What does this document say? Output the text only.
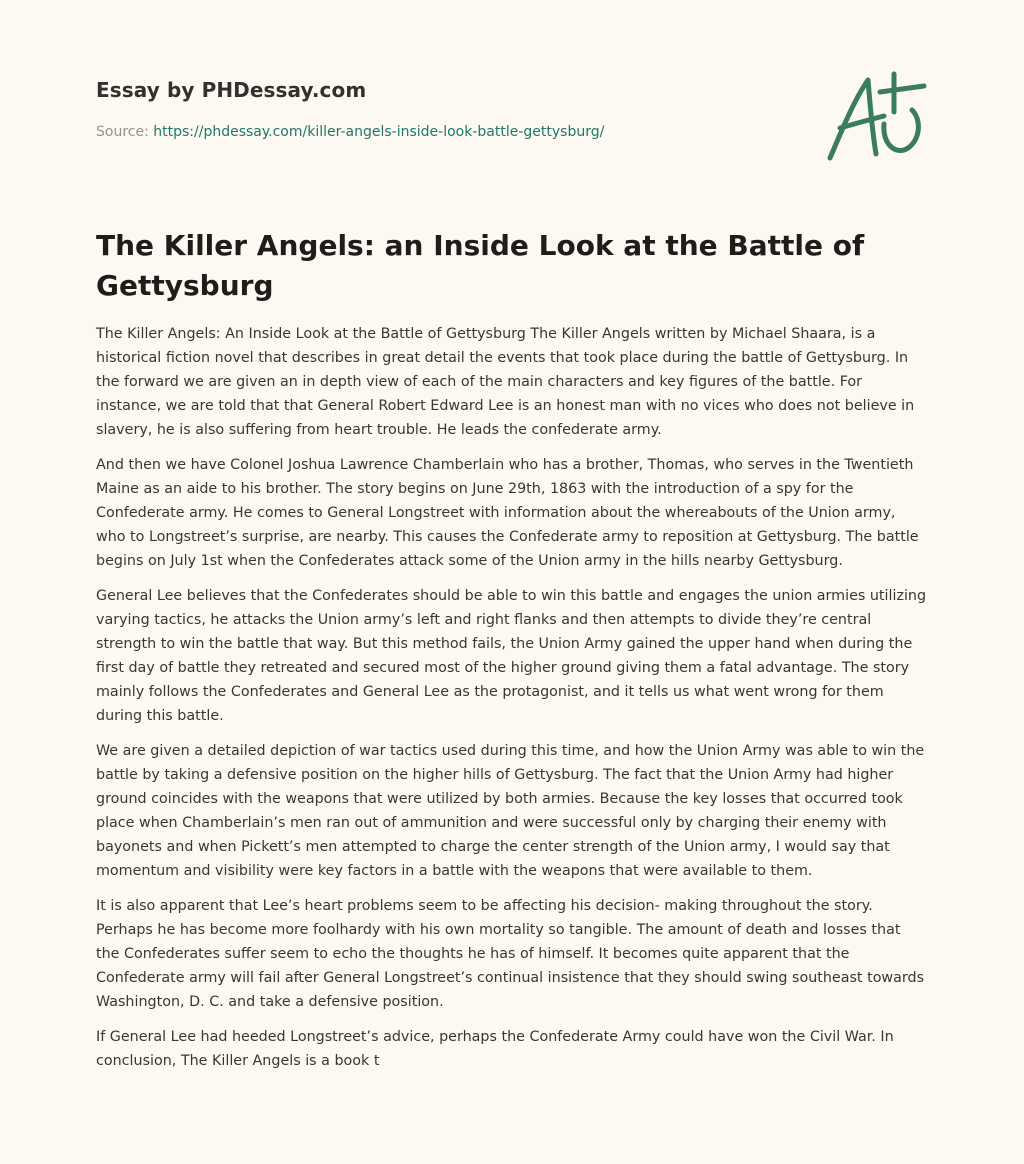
Essay by PHDessay.com
Source: https://phdessay.com/killer-angels-inside-look-battle-gettysburg/
The Killer Angels: an Inside Look at the Battle of Gettysburg

The Killer Angels: An Inside Look at the Battle of Gettysburg The Killer Angels written by Michael Shaara, is a historical fiction novel that describes in great detail the events that took place during the battle of Gettysburg. In the forward we are given an in depth view of each of the main characters and key figures of the battle. For instance, we are told that that General Robert Edward Lee is an honest man with no vices who does not believe in slavery, he is also suffering from heart trouble. He leads the confederate army.

And then we have Colonel Joshua Lawrence Chamberlain who has a brother, Thomas, who serves in the Twentieth Maine as an aide to his brother. The story begins on June 29th, 1863 with the introduction of a spy for the Confederate army. He comes to General Longstreet with information about the whereabouts of the Union army, who to Longstreet’s surprise, are nearby. This causes the Confederate army to reposition at Gettysburg. The battle begins on July 1st when the Confederates attack some of the Union army in the hills nearby Gettysburg.

General Lee believes that the Confederates should be able to win this battle and engages the union armies utilizing varying tactics, he attacks the Union army’s left and right flanks and then attempts to divide they’re central strength to win the battle that way. But this method fails, the Union Army gained the upper hand when during the first day of battle they retreated and secured most of the higher ground giving them a fatal advantage. The story mainly follows the Confederates and General Lee as the protagonist, and it tells us what went wrong for them during this battle.

We are given a detailed depiction of war tactics used during this time, and how the Union Army was able to win the battle by taking a defensive position on the higher hills of Gettysburg. The fact that the Union Army had higher ground coincides with the weapons that were utilized by both armies. Because the key losses that occurred took place when Chamberlain’s men ran out of ammunition and were successful only by charging their enemy with bayonets and when Pickett’s men attempted to charge the center strength of the Union army, I would say that momentum and visibility were key factors in a battle with the weapons that were available to them.

It is also apparent that Lee’s heart problems seem to be affecting his decision- making throughout the story. Perhaps he has become more foolhardy with his own mortality so tangible. The amount of death and losses that the Confederates suffer seem to echo the thoughts he has of himself. It becomes quite apparent that the Confederate army will fail after General Longstreet’s continual insistence that they should swing southeast towards Washington, D. C. and take a defensive position.

If General Lee had heeded Longstreet’s advice, perhaps the Confederate Army could have won the Civil War. In conclusion, The Killer Angels is a book t
